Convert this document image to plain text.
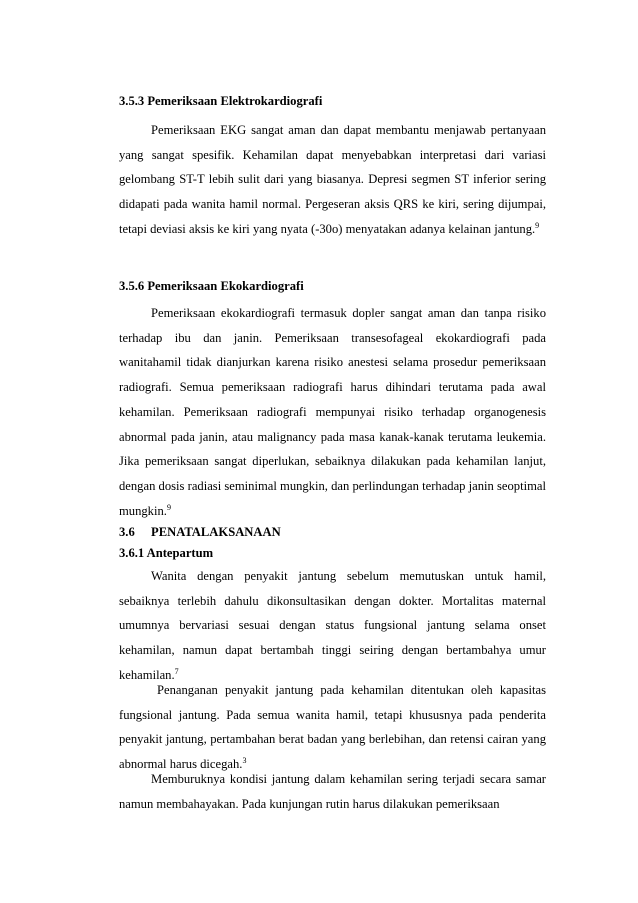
3.5.3 Pemeriksaan Elektrokardiografi
Pemeriksaan EKG sangat aman dan dapat membantu menjawab pertanyaan yang sangat spesifik. Kehamilan dapat menyebabkan interpretasi dari variasi gelombang ST-T lebih sulit dari yang biasanya. Depresi segmen ST inferior sering didapati pada wanita hamil normal. Pergeseran aksis QRS ke kiri, sering dijumpai, tetapi deviasi aksis ke kiri yang nyata (-30o) menyatakan adanya kelainan jantung.$^9$
3.5.6 Pemeriksaan Ekokardiografi
Pemeriksaan ekokardiografi termasuk dopler sangat aman dan tanpa risiko terhadap ibu dan janin. Pemeriksaan transesofageal ekokardiografi pada wanitahamil tidak dianjurkan karena risiko anestesi selama prosedur pemeriksaan radiografi. Semua pemeriksaan radiografi harus dihindari terutama pada awal kehamilan. Pemeriksaan radiografi mempunyai risiko terhadap organogenesis abnormal pada janin, atau malignancy pada masa kanak-kanak terutama leukemia. Jika pemeriksaan sangat diperlukan, sebaiknya dilakukan pada kehamilan lanjut, dengan dosis radiasi seminimal mungkin, dan perlindungan terhadap janin seoptimal mungkin.$^9$
3.6 PENATALAKSANAAN
3.6.1 Antepartum
Wanita dengan penyakit jantung sebelum memutuskan untuk hamil, sebaiknya terlebih dahulu dikonsultasikan dengan dokter. Mortalitas maternal umumnya bervariasi sesuai dengan status fungsional jantung selama onset kehamilan, namun dapat bertambah tinggi seiring dengan bertambahya umur kehamilan.$^7$
Penanganan penyakit jantung pada kehamilan ditentukan oleh kapasitas fungsional jantung. Pada semua wanita hamil, tetapi khususnya pada penderita penyakit jantung, pertambahan berat badan yang berlebihan, dan retensi cairan yang abnormal harus dicegah.$^3$
Memburuknya kondisi jantung dalam kehamilan sering terjadi secara samar namun membahayakan. Pada kunjungan rutin harus dilakukan pemeriksaan
